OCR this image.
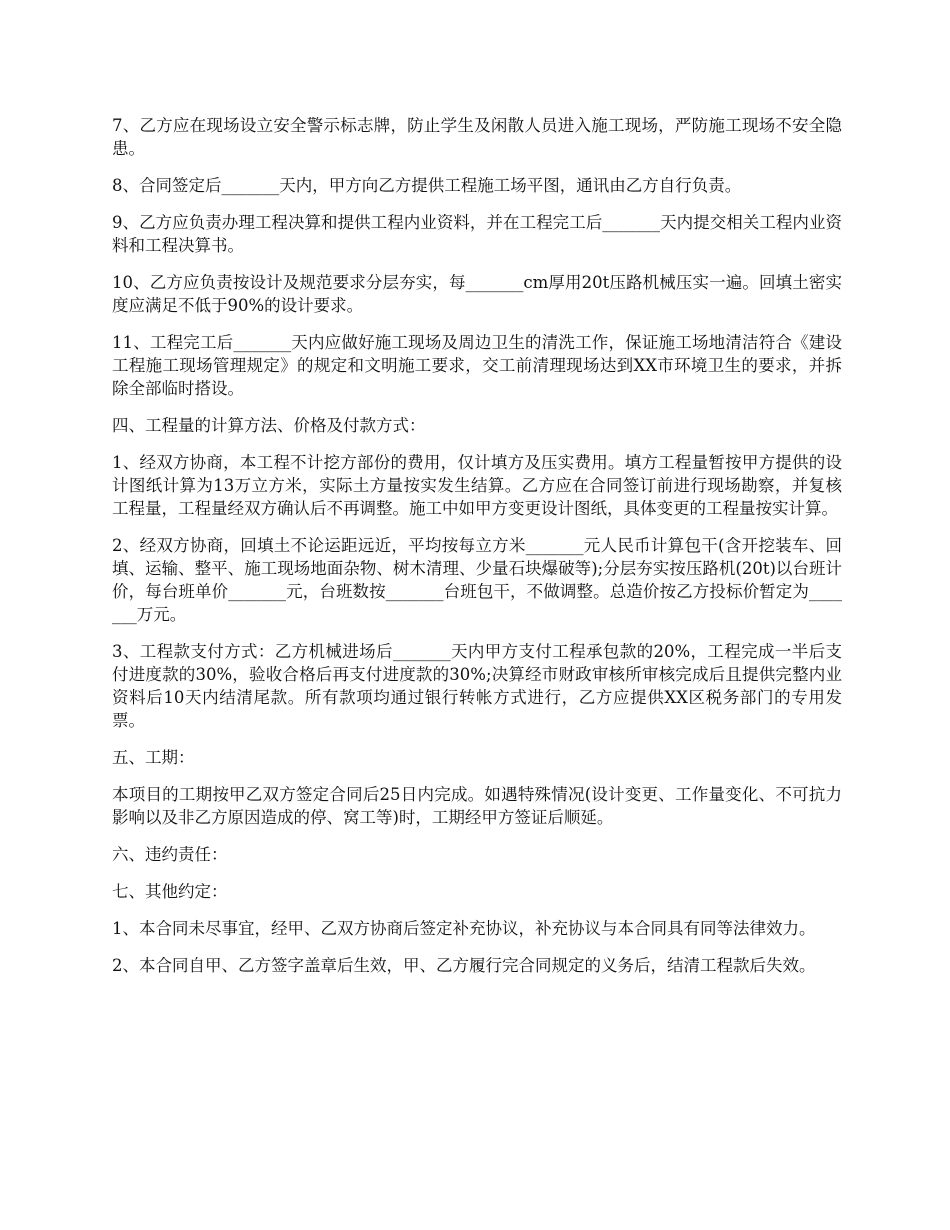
7、乙方应在现场设立安全警示标志牌，防止学生及闲散人员进入施工现场，严防施工现场不安全隐患。

8、合同签定后_______天内，甲方向乙方提供工程施工场平图，通讯由乙方自行负责。

9、乙方应负责办理工程决算和提供工程内业资料，并在工程完工后_______天内提交相关工程内业资料和工程决算书。

10、乙方应负责按设计及规范要求分层夯实，每_______cm厚用20t压路机械压实一遍。回填土密实度应满足不低于90%的设计要求。

11、工程完工后_______天内应做好施工现场及周边卫生的清洗工作，保证施工场地清洁符合《建设工程施工现场管理规定》的规定和文明施工要求，交工前清理现场达到XX市环境卫生的要求，并拆除全部临时搭设。

四、工程量的计算方法、价格及付款方式：

1、经双方协商，本工程不计挖方部份的费用，仅计填方及压实费用。填方工程量暂按甲方提供的设计图纸计算为13万立方米，实际土方量按实发生结算。乙方应在合同签订前进行现场勘察，并复核工程量，工程量经双方确认后不再调整。施工中如甲方变更设计图纸，具体变更的工程量按实计算。

2、经双方协商，回填土不论运距远近，平均按每立方米_______元人民币计算包干(含开挖装车、回填、运输、整平、施工现场地面杂物、树木清理、少量石块爆破等);分层夯实按压路机(20t)以台班计价，每台班单价_______元，台班数按_______台班包干，不做调整。总造价按乙方投标价暂定为_______万元。

3、工程款支付方式：乙方机械进场后_______天内甲方支付工程承包款的20%，工程完成一半后支付进度款的30%，验收合格后再支付进度款的30%;决算经市财政审核所审核完成后且提供完整内业资料后10天内结清尾款。所有款项均通过银行转帐方式进行，乙方应提供XX区税务部门的专用发票。

五、工期：

本项目的工期按甲乙双方签定合同后25日内完成。如遇特殊情况(设计变更、工作量变化、不可抗力影响以及非乙方原因造成的停、窝工等)时，工期经甲方签证后顺延。

六、违约责任：

七、其他约定：

1、本合同未尽事宜，经甲、乙双方协商后签定补充协议，补充协议与本合同具有同等法律效力。

2、本合同自甲、乙方签字盖章后生效，甲、乙方履行完合同规定的义务后，结清工程款后失效。
